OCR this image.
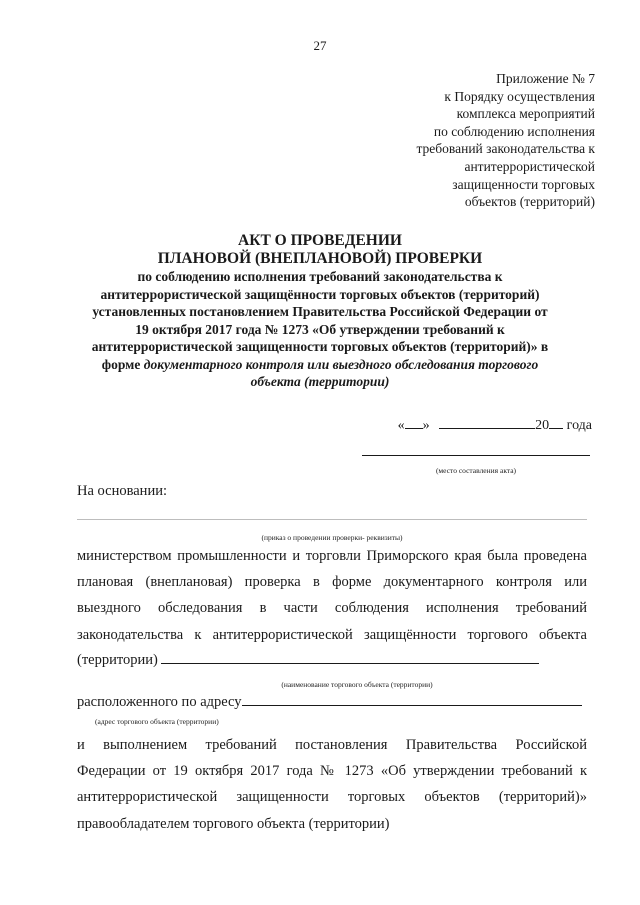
27
Приложение № 7
к Порядку осуществления
комплекса мероприятий
по соблюдению исполнения
требований законодательства к
антитеррористической
защищенности торговых
объектов (территорий)
АКТ О ПРОВЕДЕНИИ
ПЛАНОВОЙ (ВНЕПЛАНОВОЙ) ПРОВЕРКИ
по соблюдению исполнения требований законодательства к
антитеррористической защищённости торговых объектов (территорий)
установленных постановлением Правительства Российской Федерации от
19 октября 2017 года № 1273 «Об утверждении требований к
антитеррористической защищенности торговых объектов (территорий)» в
форме документарного контроля или выездного обследования торгового
объекта (территории)
« »	20 года
(место составления акта)
На основании:
(приказ о проведении проверки- реквизиты)
министерством промышленности и торговли Приморского края была проведена
плановая (внеплановая) проверка в форме документарного контроля или
выездного обследования в части соблюдения исполнения требований
законодательства к антитеррористической защищённости торгового объекта
(территории)
(наименование торгового объекта (территории)
расположенного по адресу
(адрес торгового объекта (территории)
и выполнением требований постановления Правительства Российской
Федерации от 19 октября 2017 года № 1273 «Об утверждении требований к
антитеррористической защищенности торговых объектов (территорий)»
правообладателем торгового объекта (территории)
